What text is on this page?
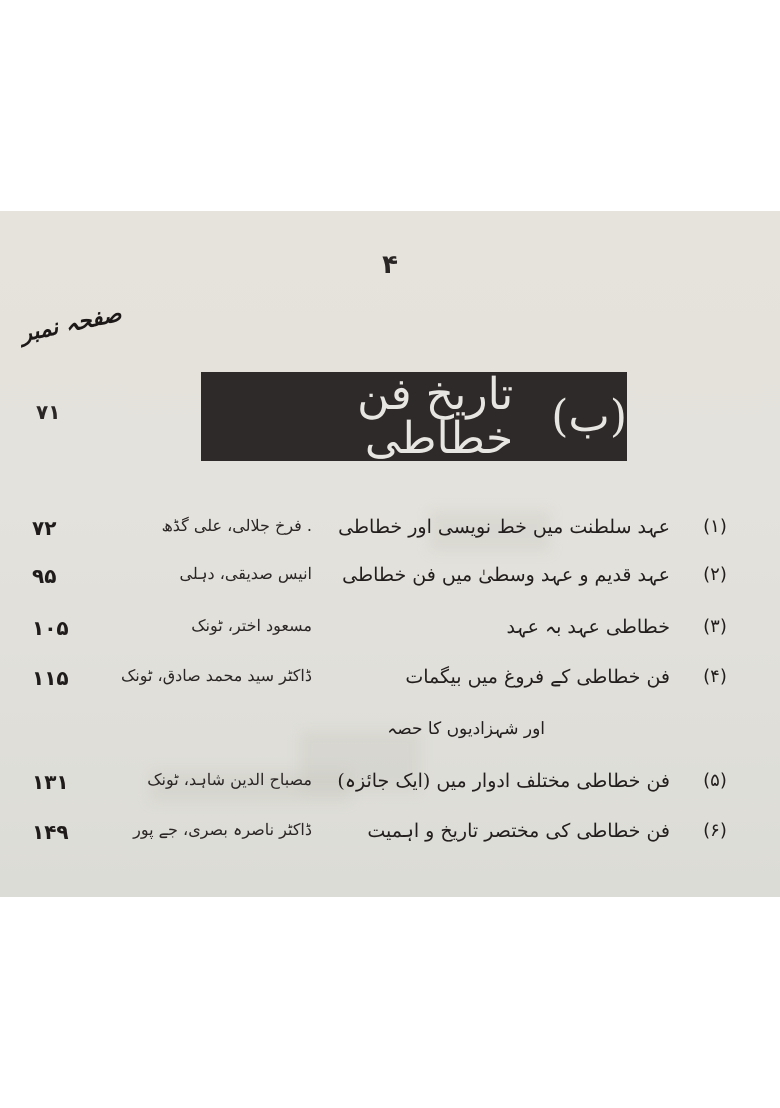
۴
صفحہ نمبر
(ب)
تاریخ فن خطاطی
۷۱
(۱)
عہد سلطنت میں خط نویسی اور خطاطی
. فرخ جلالی، علی گڈھ
۷۲
(۲)
عہد قدیم و عہد وسطیٰ میں فن خطاطی
انیس صدیقی، دہلی
۹۵
(۳)
خطاطی عہد بہ عہد
مسعود اختر، ٹونک
۱۰۵
(۴)
فن خطاطی کے فروغ میں بیگمات
ڈاکٹر سید محمد صادق، ٹونک
۱۱۵
اور شہزادیوں کا حصہ
(۵)
فن خطاطی مختلف ادوار میں (ایک جائزہ)
مصباح الدین شاہد، ٹونک
۱۳۱
(۶)
فن خطاطی کی مختصر تاریخ و اہمیت
ڈاکٹر ناصرہ بصری، جے پور
۱۴۹
